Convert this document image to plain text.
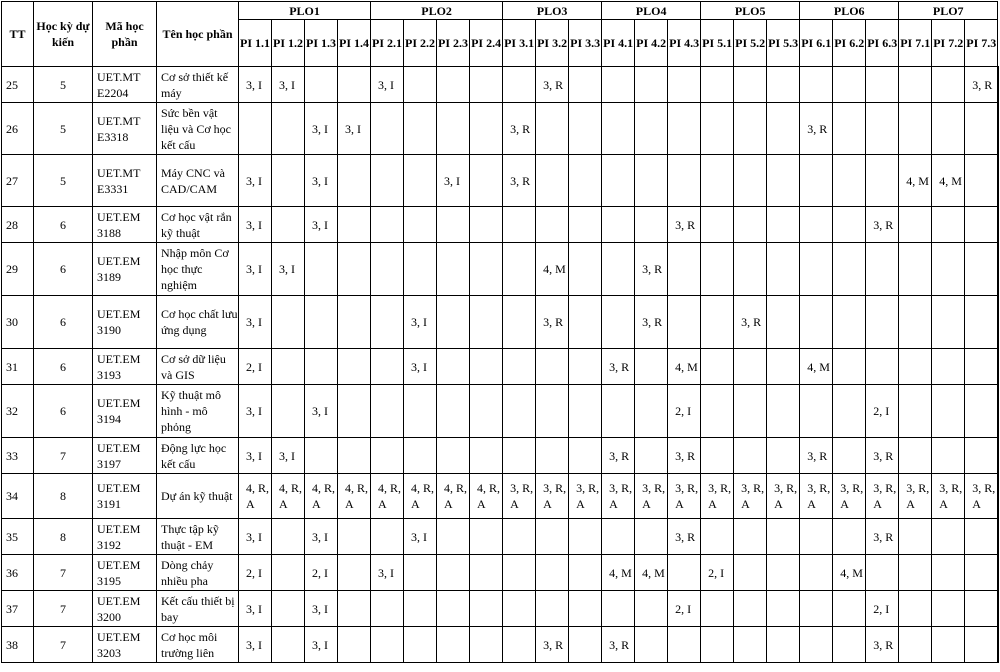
TT	Học kỳ dự kiến	Mã học phần	Tên học phần	PLO1				PLO2				PLO3			PLO4			PLO5			PLO6			PLO7			
				PI 1.1	PI 1.2	PI 1.3	PI 1.4	PI 2.1	PI 2.2	PI 2.3	PI 2.4	PI 3.1	PI 3.2	PI 3.3	PI 4.1	PI 4.2	PI 4.3	PI 5.1	PI 5.2	PI 5.3	PI 6.1	PI 6.2	PI 6.3	PI 7.1	PI 7.2	PI 7.3	
25	5	UET.MT E2204	Cơ sở thiết kế máy	3, I	3, I			3, I					3, R													3, R	
26	5	UET.MT E3318	Sức bền vật liệu và Cơ học kết cấu			3, I	3, I					3, R									3, R						
27	5	UET.MT E3331	Máy CNC và CAD/CAM	3, I		3, I				3, I		3, R												4, M	4, M		
28	6	UET.EM 3188	Cơ học vật rắn kỹ thuật	3, I		3, I											3, R						3, R				
29	6	UET.EM 3189	Nhập môn Cơ học thực nghiệm	3, I	3, I								4, M			3, R											
30	6	UET.EM 3190	Cơ học chất lưu ứng dụng	3, I					3, I				3, R			3, R			3, R								
31	6	UET.EM 3193	Cơ sở dữ liệu và GIS	2, I					3, I						3, R		4, M				4, M						
32	6	UET.EM 3194	Kỹ thuật mô hình - mô phỏng	3, I		3, I											2, I						2, I				
33	7	UET.EM 3197	Động lực học kết cấu	3, I	3, I										3, R		3, R				3, R		3, R				
34	8	UET.EM 3191	Dự án kỹ thuật	4, R, A	4, R, A	4, R, A	4, R, A	4, R, A	4, R, A	4, R, A	4, R, A	3, R, A	3, R, A	3, R, A	3, R, A	3, R, A	3, R, A	3, R, A	3, R, A	3, R, A	3, R, A	3, R, A	3, R, A	3, R, A	3, R, A	3, R, A	
35	8	UET.EM 3192	Thực tập kỹ thuật - EM	3, I		3, I			3, I								3, R						3, R				
36	7	UET.EM 3195	Dòng chảy nhiều pha	2, I		2, I		3, I							4, M	4, M		2, I				4, M					
37	7	UET.EM 3200	Kết cấu thiết bị bay	3, I		3, I											2, I						2, I				
38	7	UET.EM 3203	Cơ học môi trường liên	3, I		3, I							3, R		3, R								3, R				
